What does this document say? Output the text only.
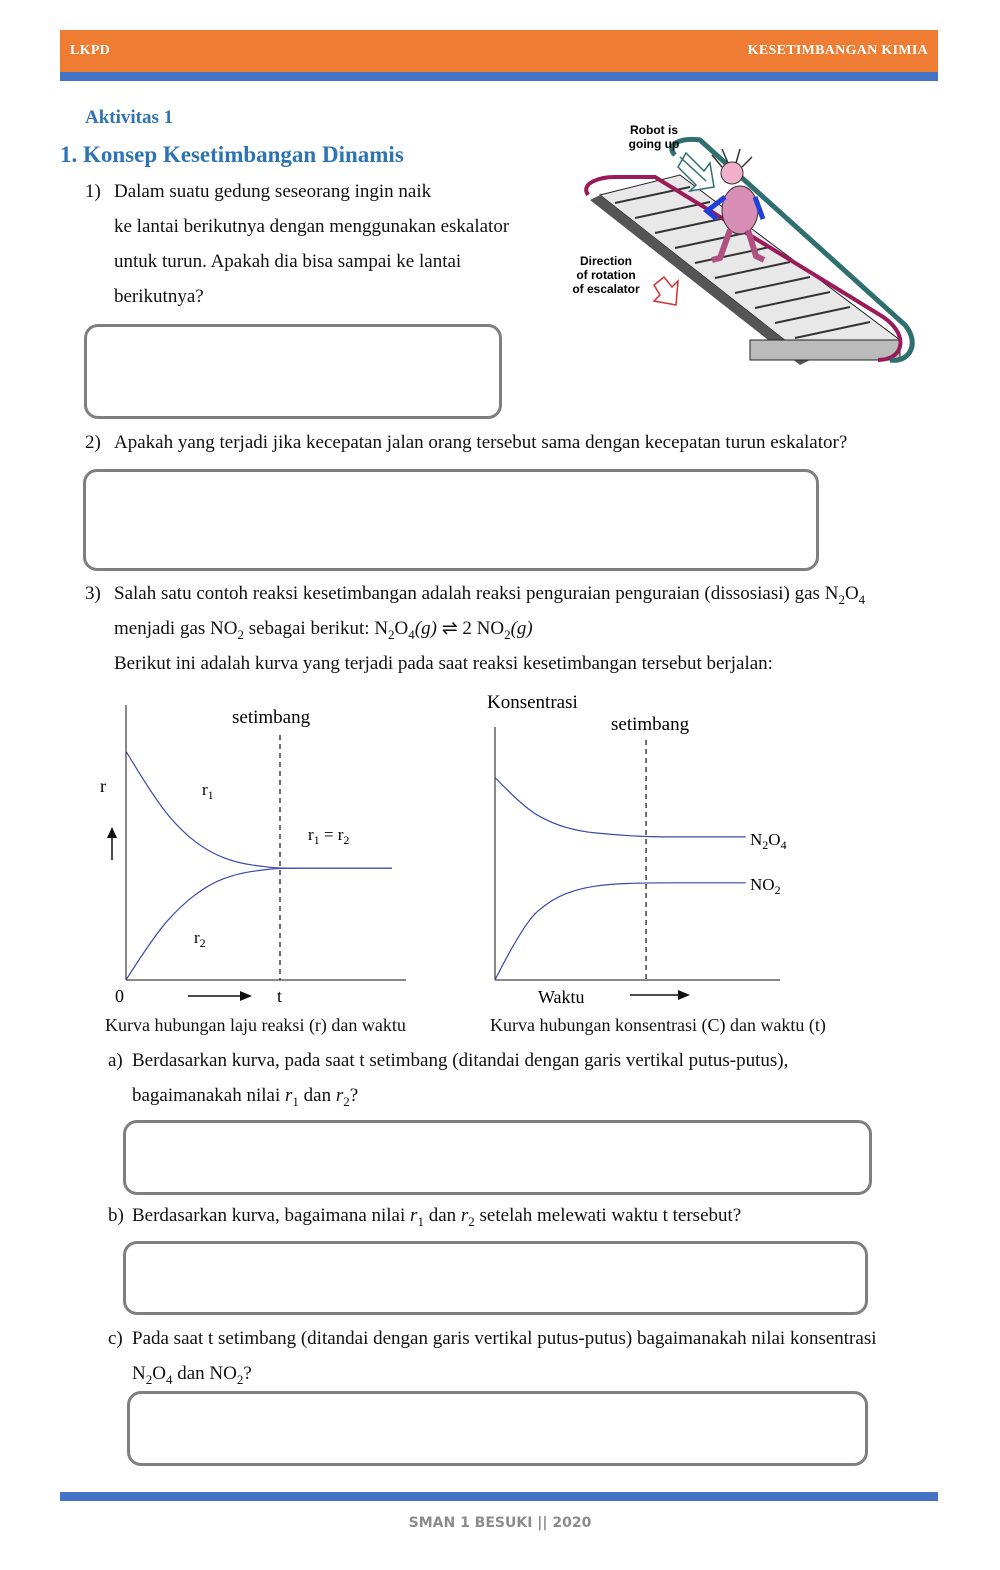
LKPD	KESETIMBANGAN KIMIA
Aktivitas 1
1. Konsep Kesetimbangan Dinamis
1) Dalam suatu gedung seseorang ingin naik
ke lantai berikutnya dengan menggunakan eskalator
untuk turun. Apakah dia bisa sampai ke lantai
berikutnya?
Robot is
going up
Direction
of rotation
of escalator
2) Apakah yang terjadi jika kecepatan jalan orang tersebut sama dengan kecepatan turun eskalator?
3) Salah satu contoh reaksi kesetimbangan adalah reaksi penguraian penguraian (dissosiasi) gas $N_2O_4$
menjadi gas $NO_2$ sebagai berikut: $N_2O_4(g)$ ⇌ 2 $NO_2(g)$
Berikut ini adalah kurva yang terjadi pada saat reaksi kesetimbangan tersebut berjalan:
r
0	t
setimbang
$r_1$
$r_2$
$r_1 = r_2$
Konsentrasi
Waktu
setimbang
$N_2O_4$
$NO_2$
Kurva hubungan laju reaksi (r) dan waktu	Kurva hubungan konsentrasi (C) dan waktu (t)
a) Berdasarkan kurva, pada saat t setimbang (ditandai dengan garis vertikal putus-putus),
bagaimanakah nilai $r_1$ dan $r_2$?
b) Berdasarkan kurva, bagaimana nilai $r_1$ dan $r_2$ setelah melewati waktu t tersebut?
c) Pada saat t setimbang (ditandai dengan garis vertikal putus-putus) bagaimanakah nilai konsentrasi
$N_2O_4$ dan $NO_2$?
SMAN 1 BESUKI || 2020
